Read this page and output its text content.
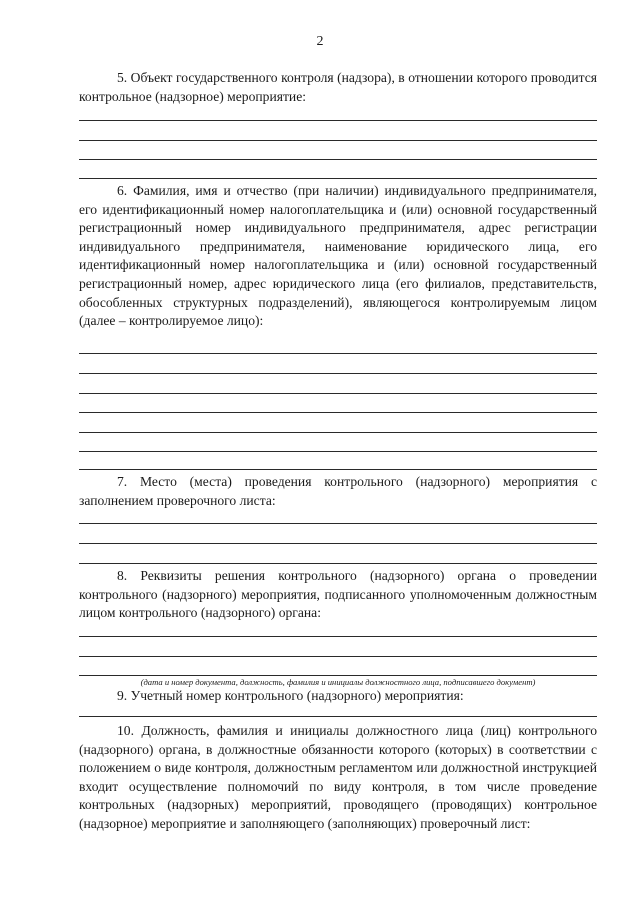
2

5. Объект государственного контроля (надзора), в отношении которого проводится контрольное (надзорное) мероприятие:

6. Фамилия, имя и отчество (при наличии) индивидуального предпринимателя, его идентификационный номер налогоплательщика и (или) основной государственный регистрационный номер индивидуального предпринимателя, адрес регистрации индивидуального предпринимателя, наименование юридического лица, его идентификационный номер налогоплательщика и (или) основной государственный регистрационный номер, адрес юридического лица (его филиалов, представительств, обособленных структурных подразделений), являющегося контролируемым лицом (далее – контролируемое лицо):

7. Место (места) проведения контрольного (надзорного) мероприятия с заполнением проверочного листа:

8. Реквизиты решения контрольного (надзорного) органа о проведении контрольного (надзорного) мероприятия, подписанного уполномоченным должностным лицом контрольного (надзорного) органа:

(дата и номер документа, должность, фамилия и инициалы должностного лица, подписавшего документ)

9. Учетный номер контрольного (надзорного) мероприятия:

10. Должность, фамилия и инициалы должностного лица (лиц) контрольного (надзорного) органа, в должностные обязанности которого (которых) в соответствии с положением о виде контроля, должностным регламентом или должностной инструкцией входит осуществление полномочий по виду контроля, в том числе проведение контрольных (надзорных) мероприятий, проводящего (проводящих) контрольное (надзорное) мероприятие и заполняющего (заполняющих) проверочный лист:
